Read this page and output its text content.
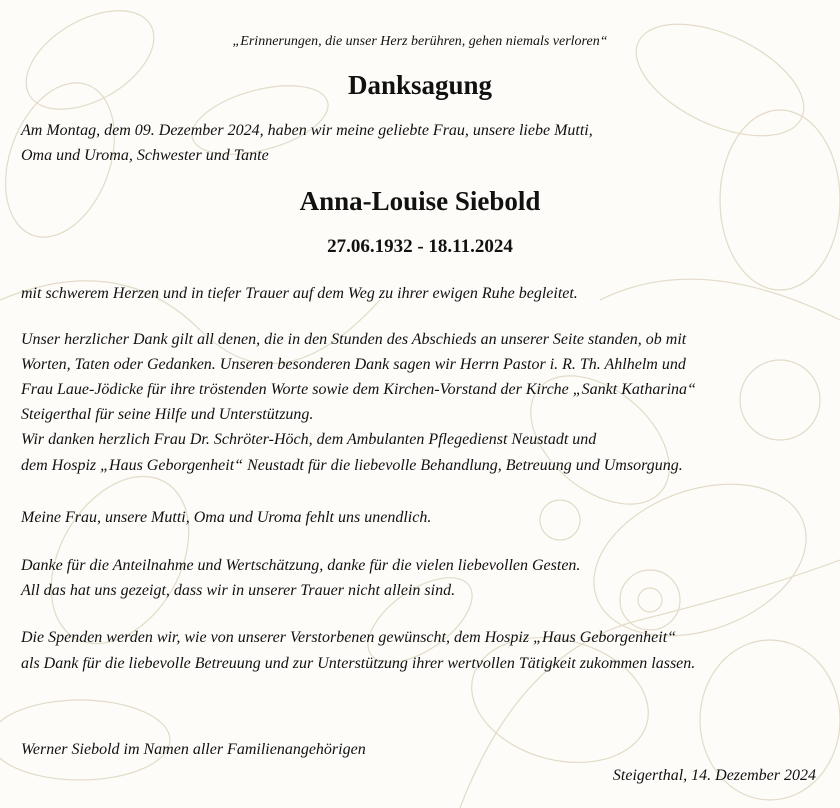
„Erinnerungen, die unser Herz berühren, gehen niemals verloren“
Danksagung
Am Montag, dem 09. Dezember 2024, haben wir meine geliebte Frau, unsere liebe Mutti,
Oma und Uroma, Schwester und Tante
Anna-Louise Siebold
27.06.1932 - 18.11.2024
mit schwerem Herzen und in tiefer Trauer auf dem Weg zu ihrer ewigen Ruhe begleitet.
Unser herzlicher Dank gilt all denen, die in den Stunden des Abschieds an unserer Seite standen, ob mit
Worten, Taten oder Gedanken. Unseren besonderen Dank sagen wir Herrn Pastor i. R. Th. Ahlhelm und
Frau Laue-Jödicke für ihre tröstenden Worte sowie dem Kirchen-Vorstand der Kirche „Sankt Katharina“
Steigerthal für seine Hilfe und Unterstützung.
Wir danken herzlich Frau Dr. Schröter-Höch, dem Ambulanten Pflegedienst Neustadt und
dem Hospiz „Haus Geborgenheit“ Neustadt für die liebevolle Behandlung, Betreuung und Umsorgung.
Meine Frau, unsere Mutti, Oma und Uroma fehlt uns unendlich.
Danke für die Anteilnahme und Wertschätzung, danke für die vielen liebevollen Gesten.
All das hat uns gezeigt, dass wir in unserer Trauer nicht allein sind.
Die Spenden werden wir, wie von unserer Verstorbenen gewünscht, dem Hospiz „Haus Geborgenheit“
als Dank für die liebevolle Betreuung und zur Unterstützung ihrer wertvollen Tätigkeit zukommen lassen.
Werner Siebold im Namen aller Familienangehörigen
Steigerthal, 14. Dezember 2024
